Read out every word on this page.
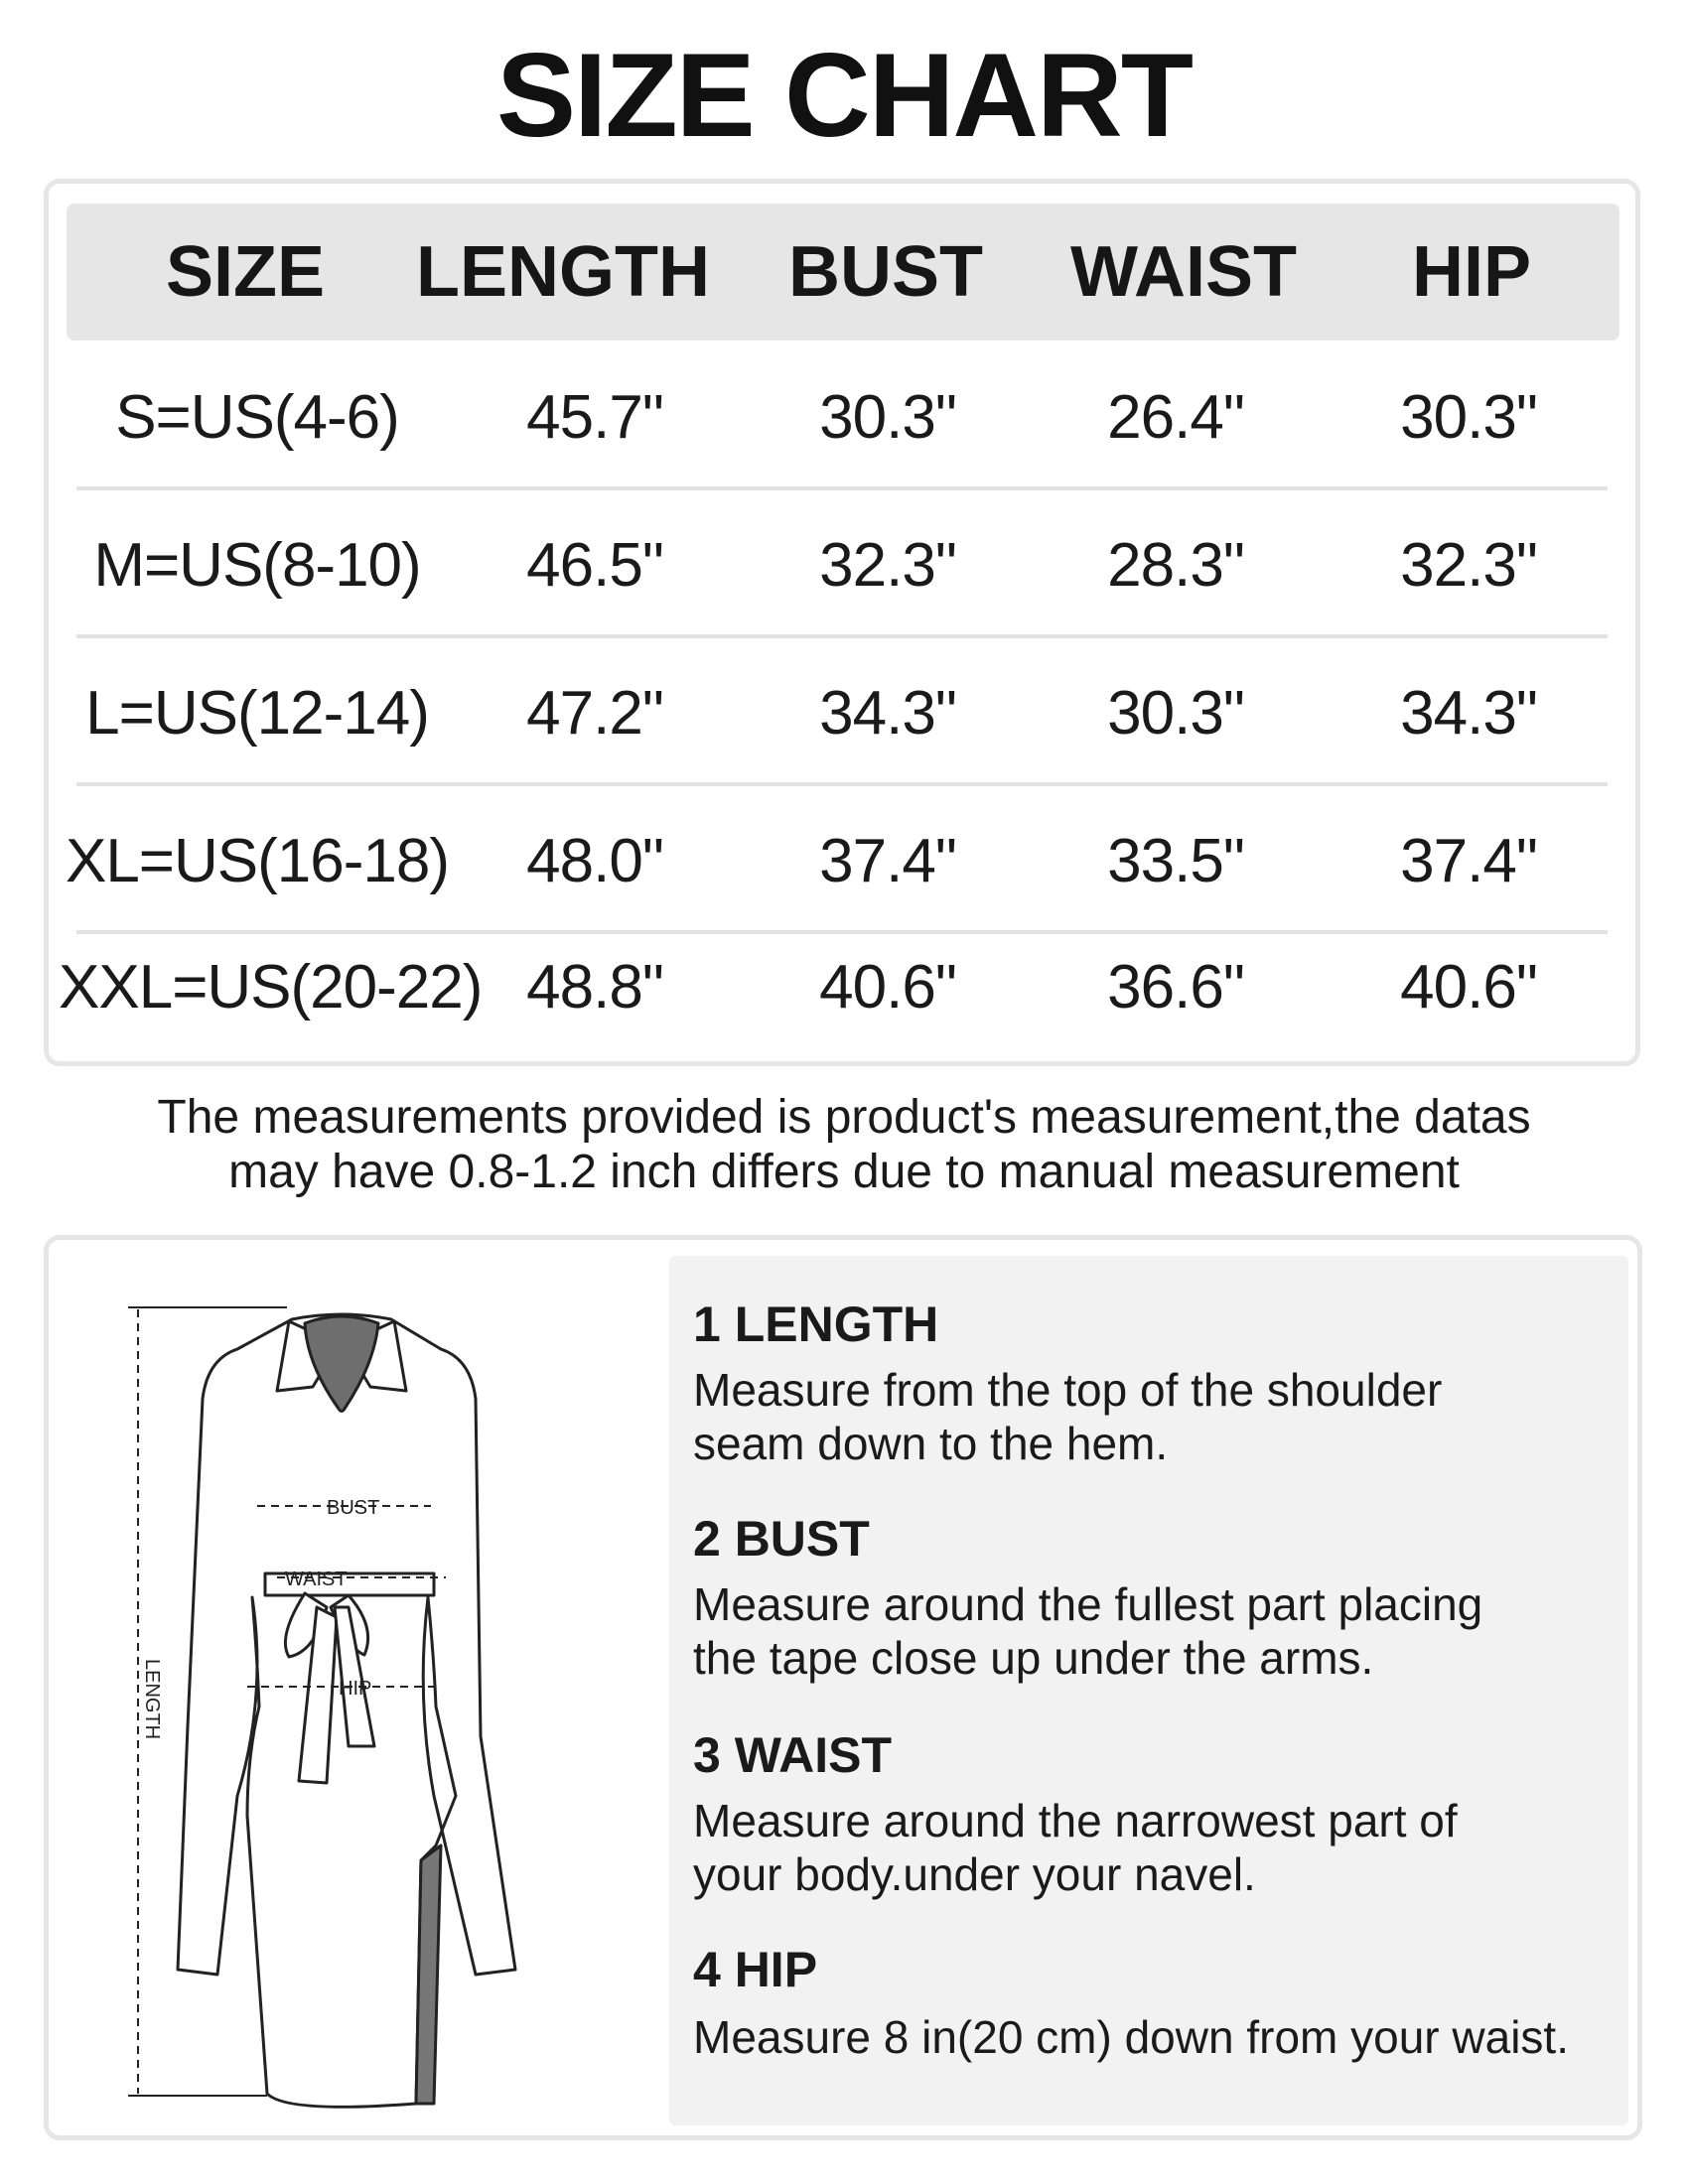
SIZE CHART
SIZE	LENGTH	BUST	WAIST	HIP
S=US(4-6)	45.7"	30.3"	26.4"	30.3"
M=US(8-10)	46.5"	32.3"	28.3"	32.3"
L=US(12-14)	47.2"	34.3"	30.3"	34.3"
XL=US(16-18)	48.0"	37.4"	33.5"	37.4"
XXL=US(20-22) 48.8"	40.6"	36.6"	40.6"
The measurements provided is product's measurement,the datas
may have 0.8-1.2 inch differs due to manual measurement
BUST
WAIST
HIP
LENGTH
1 LENGTH
Measure from the top of the shoulder
seam down to the hem.
2 BUST
Measure around the fullest part placing
the tape close up under the arms.
3 WAIST
Measure around the narrowest part of
your body.under your navel.
4 HIP
Measure 8 in(20 cm) down from your waist.
